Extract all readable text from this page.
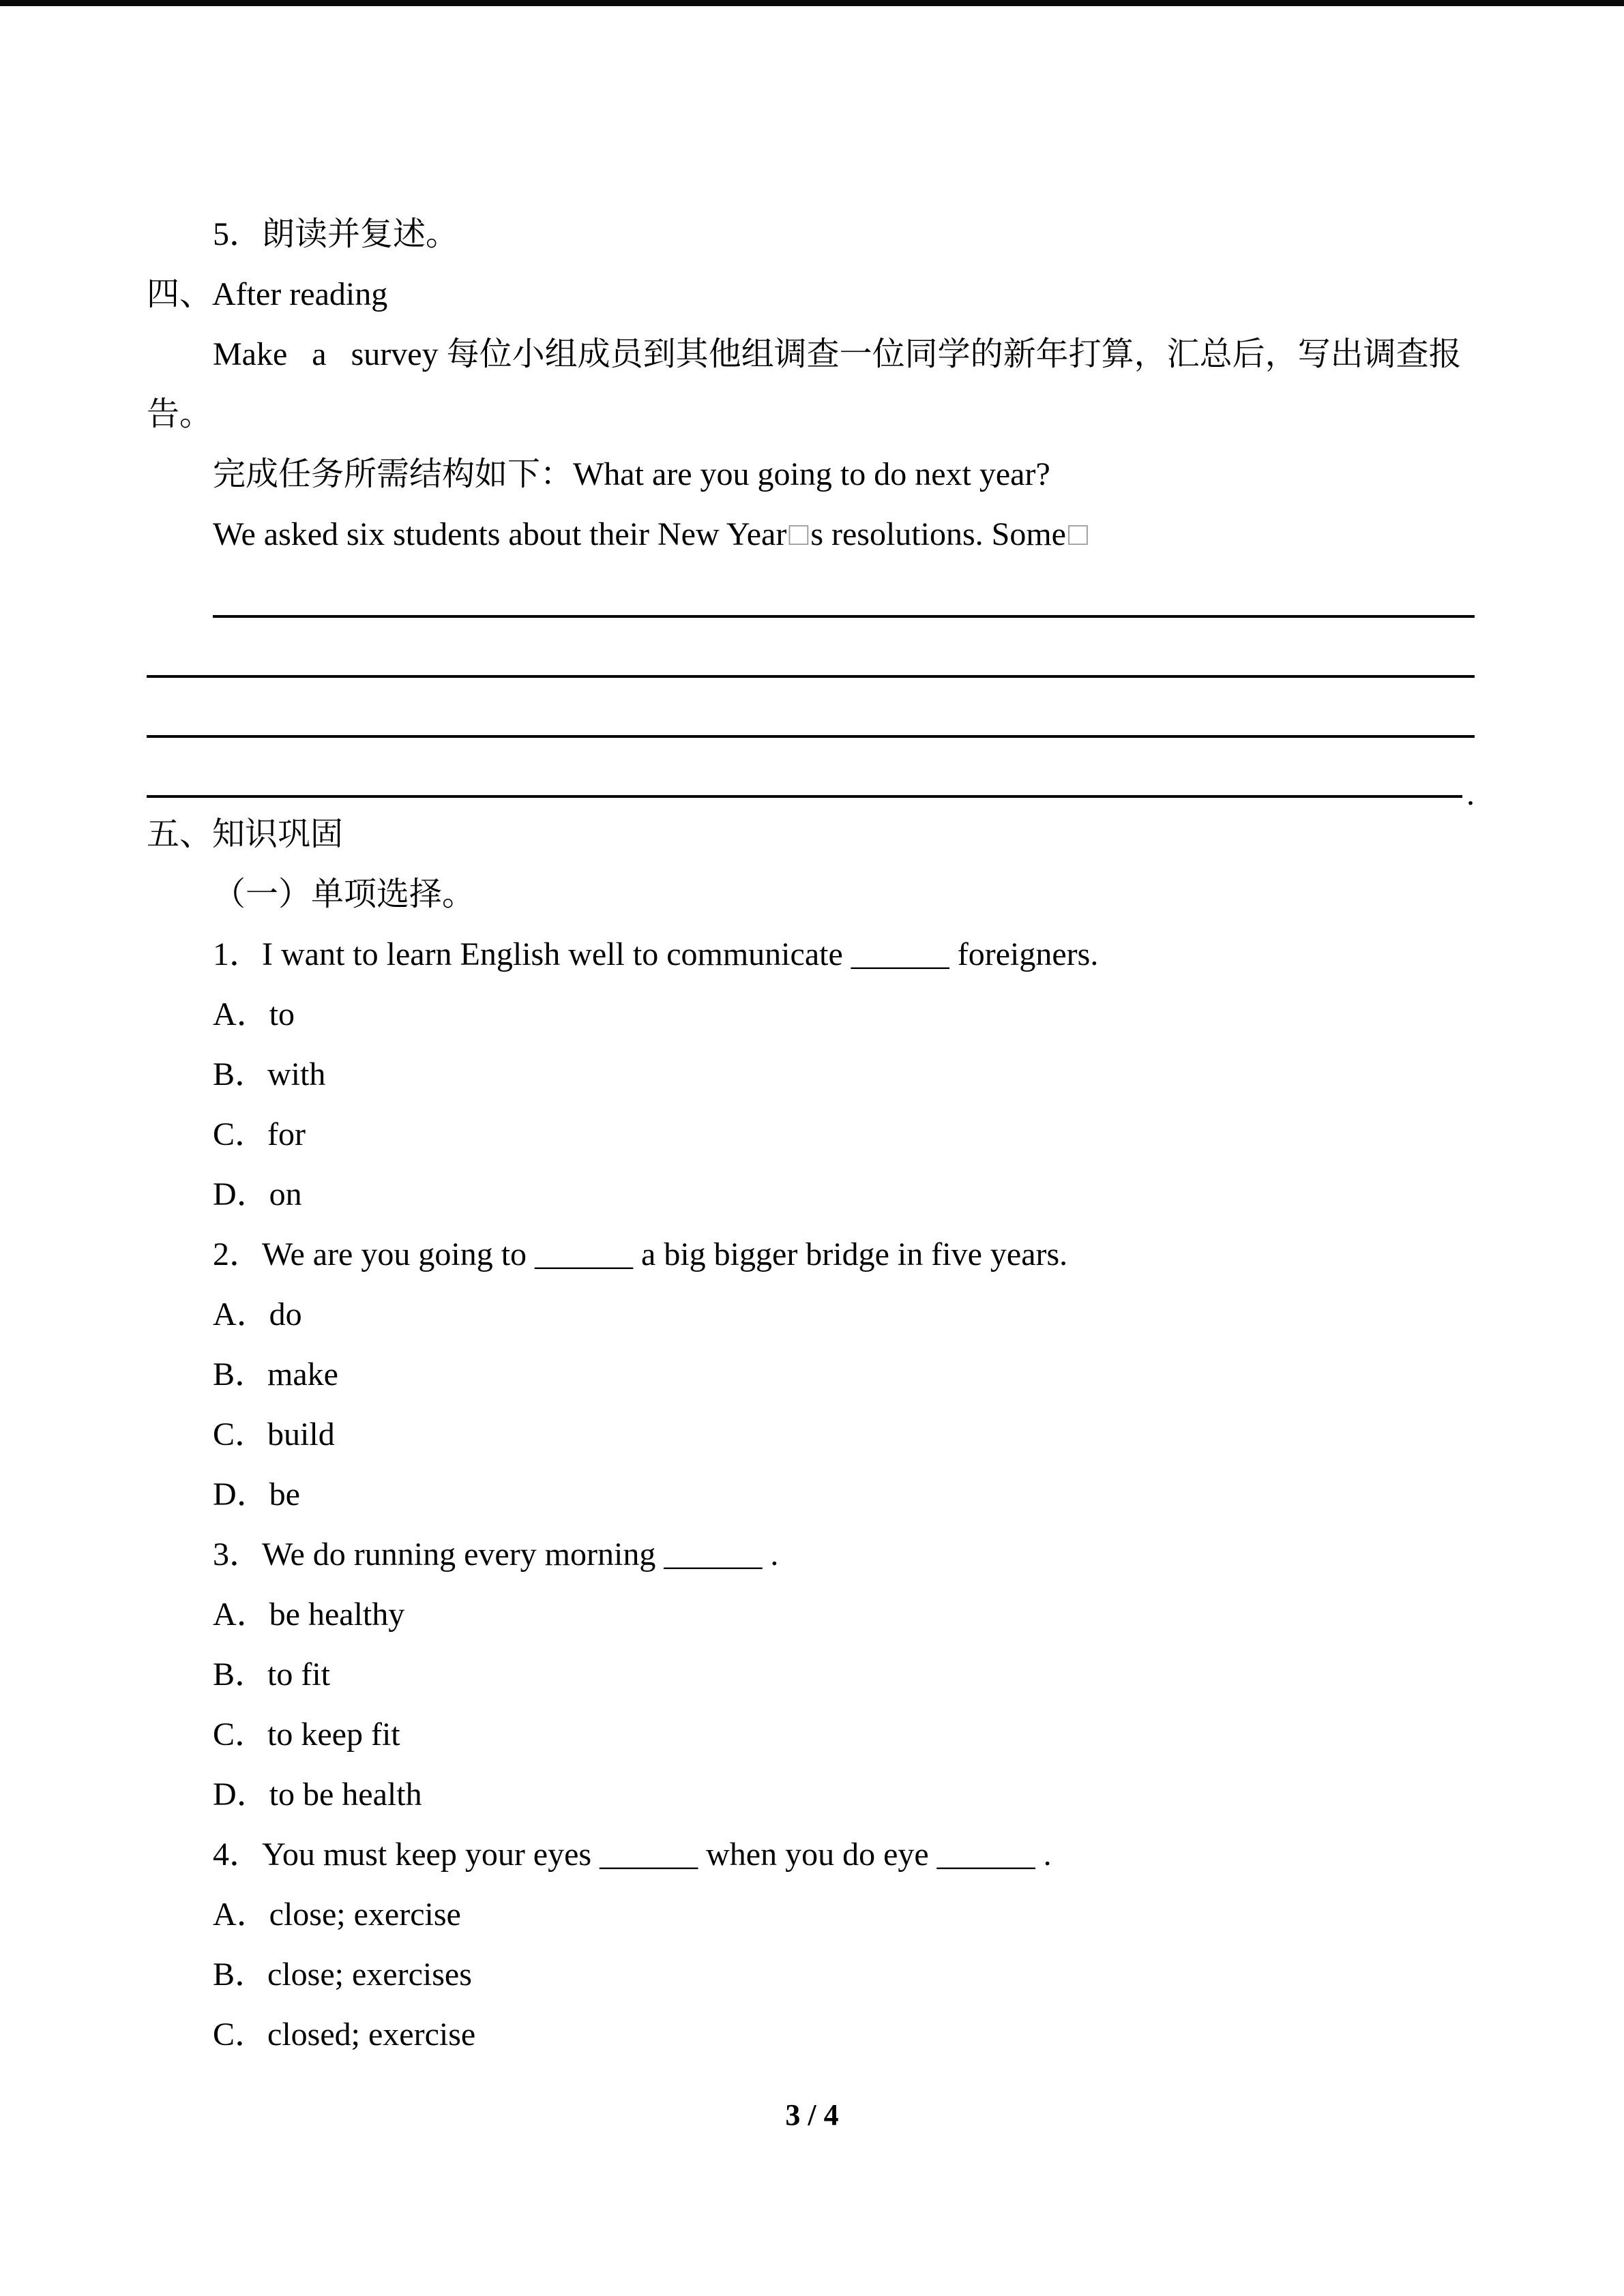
5．朗读并复述。
四、After reading
Make   a   survey 每位小组成员到其他组调查一位同学的新年打算，汇总后，写出调查报
告。
完成任务所需结构如下：What are you going to do next year?
We asked six students about their New Year□s resolutions. Some□
.
五、知识巩固
（一）单项选择。
1．I want to learn English well to communicate ______ foreigners.
A．to
B．with
C．for
D．on
2．We are you going to ______ a big bigger bridge in five years.
A．do
B．make
C．build
D．be
3．We do running every morning ______ .
A．be healthy
B．to fit
C．to keep fit
D．to be health
4．You must keep your eyes ______ when you do eye ______ .
A．close; exercise
B．close; exercises
C．closed; exercise
3 / 4
